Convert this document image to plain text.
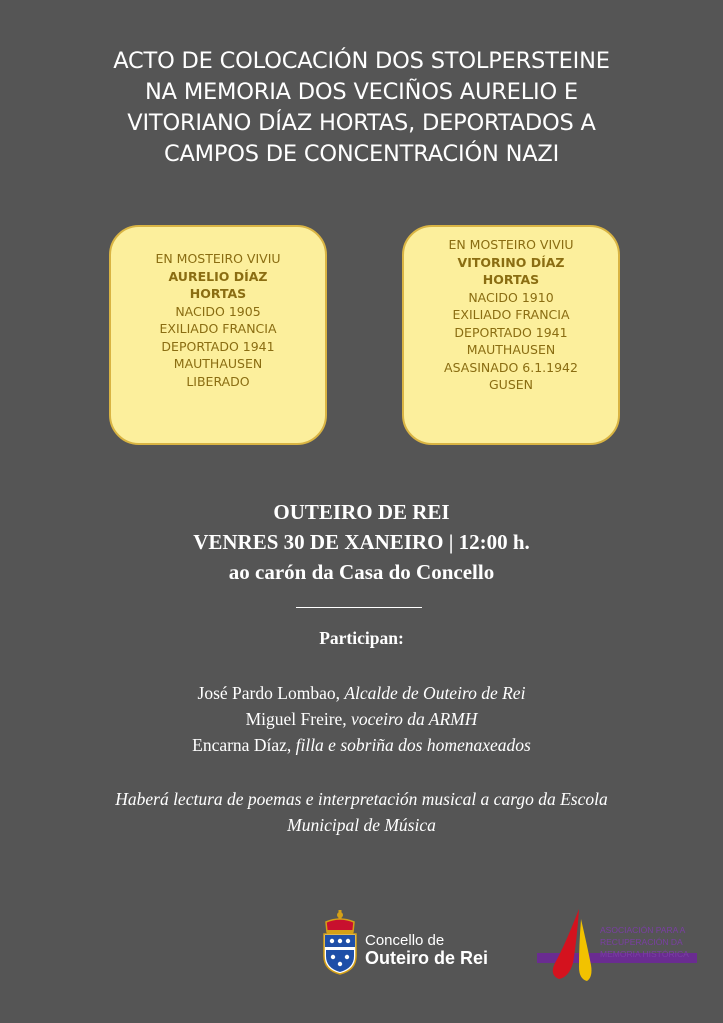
ACTO DE COLOCACIÓN DOS STOLPERSTEINE
NA MEMORIA DOS VECIÑOS AURELIO E
VITORIANO DÍAZ HORTAS, DEPORTADOS A
CAMPOS DE CONCENTRACIÓN NAZI
EN MOSTEIRO VIVIU
AURELIO DÍAZ
HORTAS
NACIDO 1905
EXILIADO FRANCIA
DEPORTADO 1941
MAUTHAUSEN
LIBERADO
EN MOSTEIRO VIVIU
VITORINO DÍAZ
HORTAS
NACIDO 1910
EXILIADO FRANCIA
DEPORTADO 1941
MAUTHAUSEN
ASASINADO 6.1.1942
GUSEN
OUTEIRO DE REI
VENRES 30 DE XANEIRO | 12:00 h.
ao carón da Casa do Concello
Participan:
José Pardo Lombao, Alcalde de Outeiro de Rei
Miguel Freire, voceiro da ARMH
Encarna Díaz, filla e sobriña dos homenaxeados
Haberá lectura de poemas e interpretación musical a cargo da Escola
Municipal de Música
Concello de
Outeiro de Rei
ASOCIACIÓN PARA A
RECUPERACIÓN DA
MEMORIA HISTÓRICA
